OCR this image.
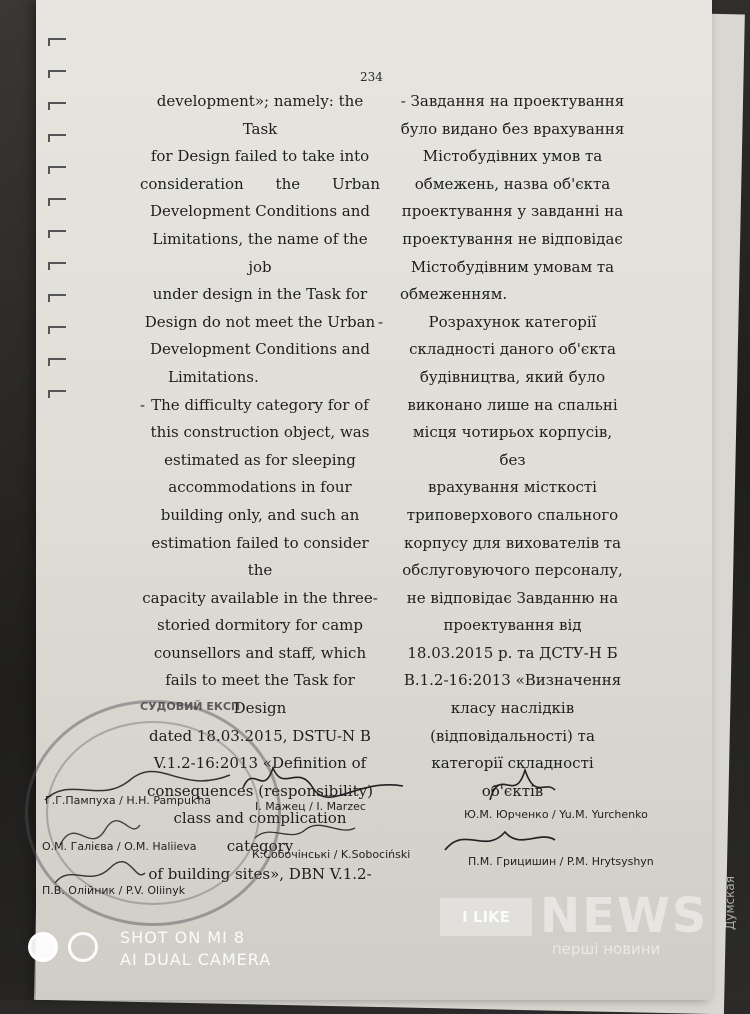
234
development»; namely: the Task
for Design failed to take into
consideration the Urban
Development Conditions and
Limitations, the name of the job
under design in the Task for
Design do not meet the Urban
Development Conditions and
Limitations.
- The difficulty category for of
this construction object, was
estimated as for sleeping
accommodations in four
building only, and such an
estimation failed to consider the
capacity available in the three-
storied dormitory for camp
counsellors and staff, which
fails to meet the Task for Design
dated 18.03.2015, DSTU-N B
V.1.2-16:2013 «Definition of
consequences (responsibility)
class and complication category
of building sites», DBN V.1.2-
- Завдання на проектування
було видано без врахування
Містобудівних умов та
обмежень, назва об'єкта
проектування у завданні на
проектування не відповідає
Містобудівним умовам та
обмеженням.
-	Розрахунок категорії
складності даного об'єкта
будівництва, який було
виконано лише на спальні
місця чотирьох корпусів, без
врахування місткості
триповерхового спального
корпусу для вихователів та
обслуговуючого персоналу,
не відповідає Завданню на
проектування від
18.03.2015 р. та ДСТУ-Н Б
В.1.2-16:2013 «Визначення
класу наслідків
(відповідальності) та
категорії складності об'єктів
СУДОВИЙ ЕКСП
Г.Г.Пампуха / Н.Н. Pampukha	І. Мажец / I. Marzec
Ю.М. Юрченко / Yu.M. Yurchenko
К.Собочінські / K.Sobociński
О.М. Галієва / O.M. Halіieva
П.М. Грицишин / P.M. Hrytsyshyn
П.В. Олійник / P.V. Oliinyk
SHOT ON MI 8
AI DUAL CAMERA
I LIKE NEWS
перші новини
Думская
